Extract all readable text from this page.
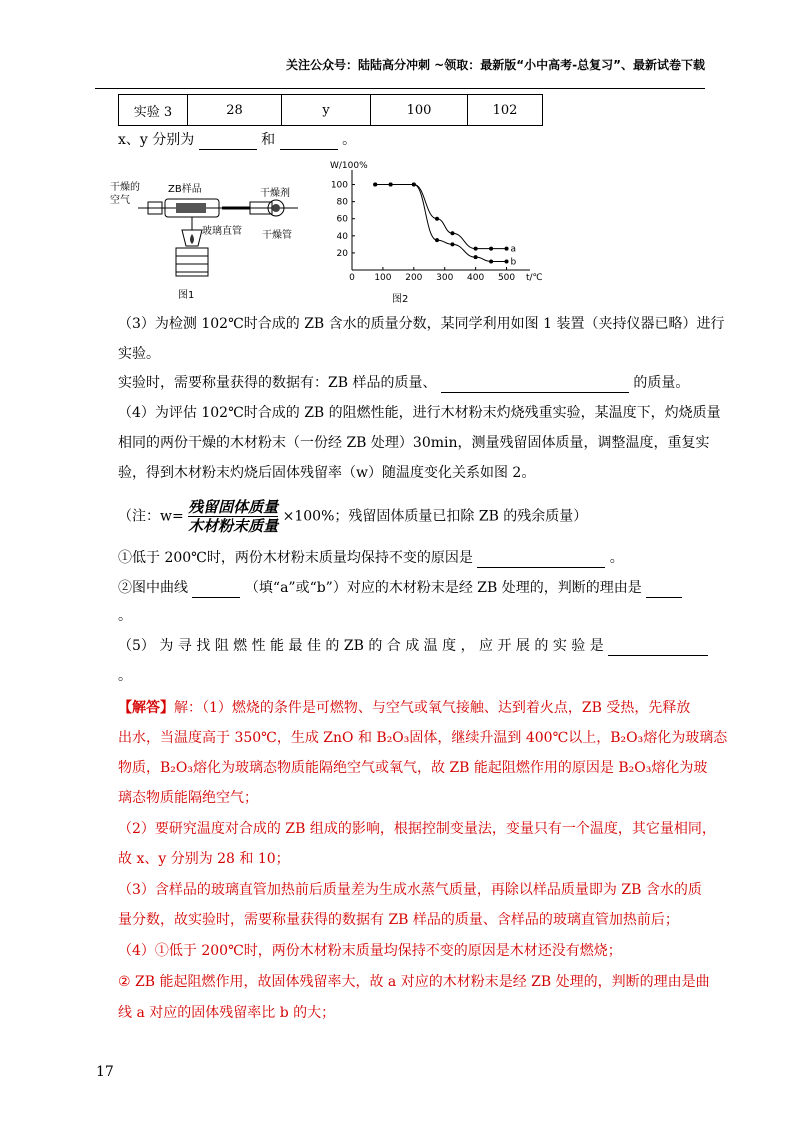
关注公众号：陆陆高分冲刺 ~领取：最新版“小中高考-总复习”、最新试卷下载
实验 3	28	y	100	102
x、y 分别为	和	。
干燥的
空气
ZB样品	干燥剂
玻璃直管 干燥管
图1
W/100%
t/℃
0 100 200 300 400 500
20
40
60
80
100
a
b
图2
（3）为检测 102℃时合成的 ZB 含水的质量分数，某同学利用如图 1 装置（夹持仪器已略）进行
实验。
实验时，需要称量获得的数据有：ZB 样品的质量、	的质量。
（4）为评估 102℃时合成的 ZB 的阻燃性能，进行木材粉末灼烧残重实验，某温度下，灼烧质量
相同的两份干燥的木材粉末（一份经 ZB 处理）30min，测量残留固体质量，调整温度，重复实
验，得到木材粉末灼烧后固体残留率（w）随温度变化关系如图 2。
（注：$w= \frac{\text{残留固体质量}}{\text{木材粉末质量}} \times 100\%$；残留固体质量已扣除 ZB 的残余质量）
①低于 200℃时，两份木材粉末质量均保持不变的原因是	。
②图中曲线	（填“a”或“b”）对应的木材粉末是经 ZB 处理的，判断的理由是
。
（5） 为 寻 找 阻 燃 性 能 最 佳 的 ZB 的 合 成 温 度 ， 应 开 展 的 实 验 是
。
【解答】解：（1）燃烧的条件是可燃物、与空气或氧气接触、达到着火点，ZB 受热，先释放
出水，当温度高于 350℃，生成 ZnO 和 B₂O₃固体，继续升温到 400℃以上，B₂O₃熔化为玻璃态
物质，B₂O₃熔化为玻璃态物质能隔绝空气或氧气，故 ZB 能起阻燃作用的原因是 B₂O₃熔化为玻
璃态物质能隔绝空气；
（2）要研究温度对合成的 ZB 组成的影响，根据控制变量法，变量只有一个温度，其它量相同，
故 x、y 分别为 28 和 10；
（3）含样品的玻璃直管加热前后质量差为生成水蒸气质量，再除以样品质量即为 ZB 含水的质
量分数，故实验时，需要称量获得的数据有 ZB 样品的质量、含样品的玻璃直管加热前后；
（4）①低于 200℃时，两份木材粉末质量均保持不变的原因是木材还没有燃烧；
② ZB 能起阻燃作用，故固体残留率大，故 a 对应的木材粉末是经 ZB 处理的，判断的理由是曲
线 a 对应的固体残留率比 b 的大；
17
